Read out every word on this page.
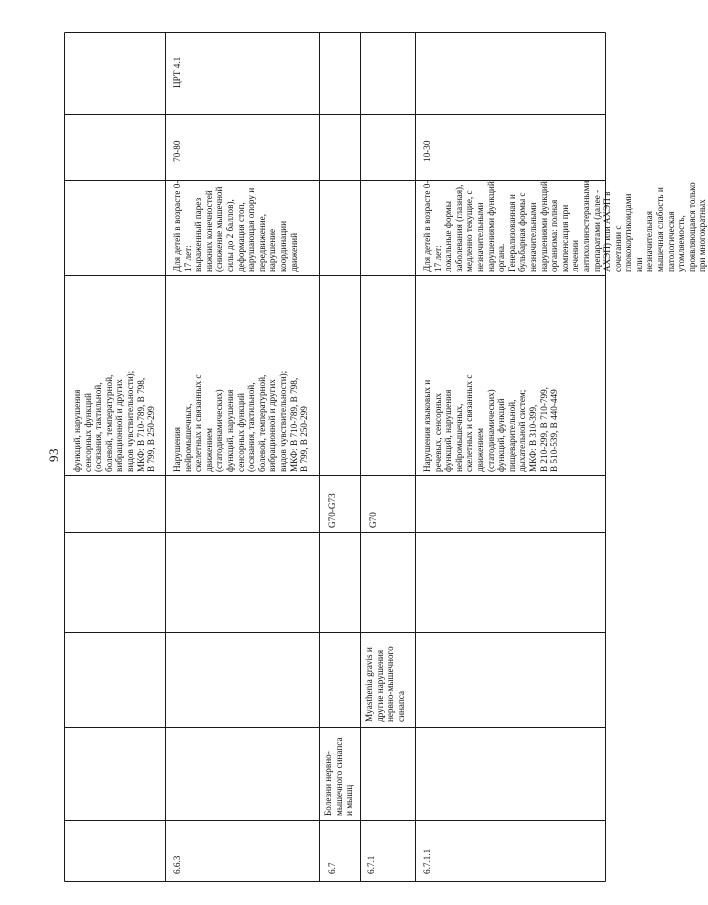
93 функций, нарушения
сенсорных функций
(осязания, тактильной,
болевой, температурной,
вибрационной и других
видов чувствительности);
МКФ: В 710-789, В 798,
В 799, В 250-299
6.6.3
Нарушения
нейромышечных,
скелетных и связанных с
движением
(статодинамических)
функций, нарушения
сенсорных функций
(осязания, тактильной,
болевой, температурной,
вибрационной и других
видов чувствительности);
МКФ: В 710-789, В 798,
В 799, В 250-299
Для детей в возрасте 0-17 лет:
выраженный парез нижних конечностей
(снижение мышечной силы до 2 баллов),
деформация стоп, нарушающая опору и
передвижение, нарушение координации
движений
70-80
ЦРТ 4.1
6.7
Болезни нервно-
мышечного синапса
и мышц
G70-G73
6.7.1
Myasthenia gravis и
другие нарушения
нервно-мышечного
синапса
G70
6.7.1.1
Нарушения языковых и
речевых, сенсорных
функций, нарушения
нейромышечных,
скелетных и связанных с
движением
(статодинамических)
функций, функций
пищеварительной,
дыхательной систем;
МКФ: В 310-399,
В 210-299, В 710-799,
В 510-539, В 440-449
Для детей в возрасте 0-17 лет:
локальные формы заболевания (глазная),
медленно текущие, с незначительными
нарушениями функций органа.
Генерализованная и бульбарная формы с
незначительными нарушениями функций
организма: полная компенсация при
лечении антихолинэстеразными
препаратами (далее - АХЭП) или АХЭП в
сочетании с глюкокортикоидами или
незначительная мышечная слабость и
патологическая утомляемость,
проявляющаяся только при многократных
10-30
